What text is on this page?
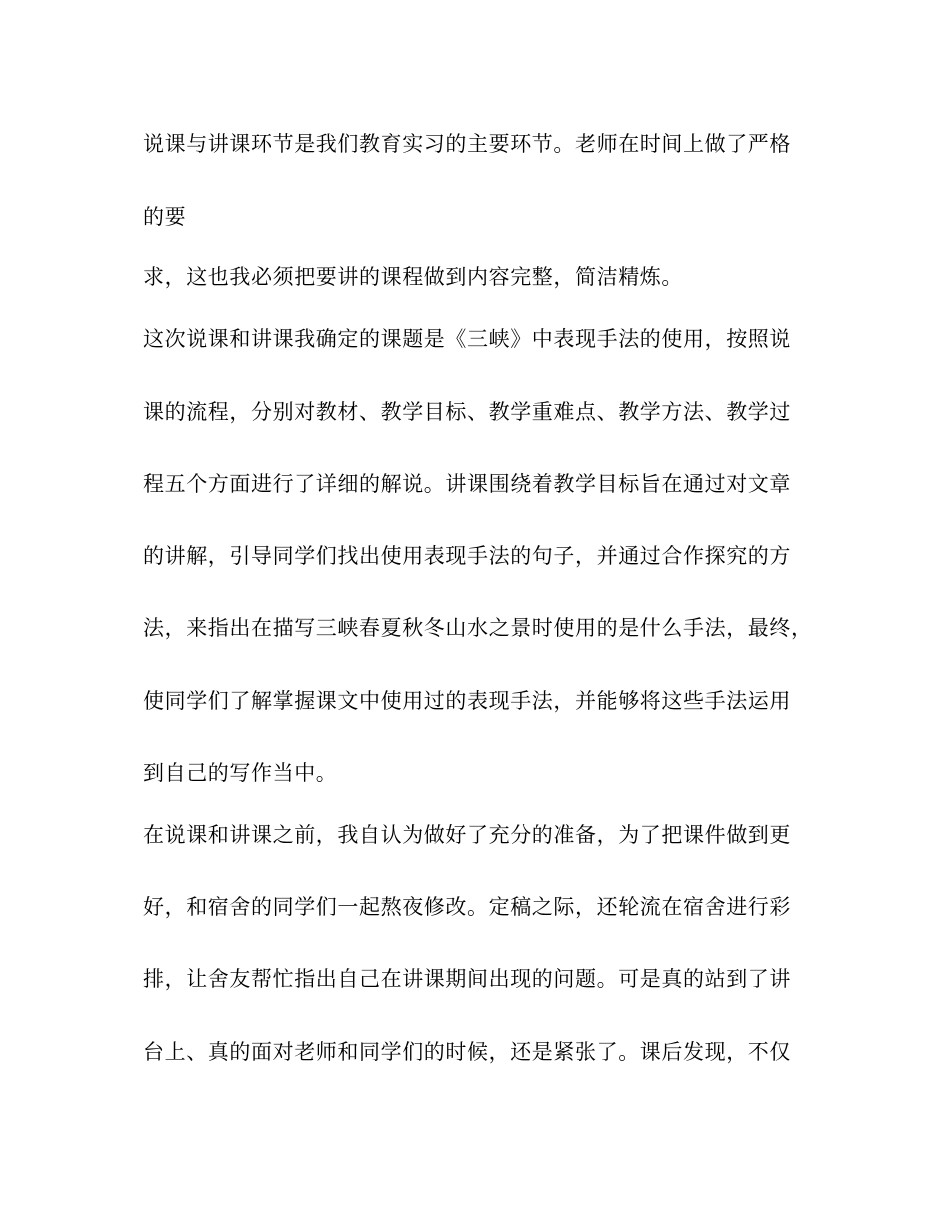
说课与讲课环节是我们教育实习的主要环节。老师在时间上做了严格
的要
求，这也我必须把要讲的课程做到内容完整，简洁精炼。
这次说课和讲课我确定的课题是《三峡》中表现手法的使用，按照说
课的流程，分别对教材、教学目标、教学重难点、教学方法、教学过
程五个方面进行了详细的解说。讲课围绕着教学目标旨在通过对文章
的讲解，引导同学们找出使用表现手法的句子，并通过合作探究的方
法，来指出在描写三峡春夏秋冬山水之景时使用的是什么手法，最终，
使同学们了解掌握课文中使用过的表现手法，并能够将这些手法运用
到自己的写作当中。
在说课和讲课之前，我自认为做好了充分的准备，为了把课件做到更
好，和宿舍的同学们一起熬夜修改。定稿之际，还轮流在宿舍进行彩
排，让舍友帮忙指出自己在讲课期间出现的问题。可是真的站到了讲
台上、真的面对老师和同学们的时候，还是紧张了。课后发现，不仅
